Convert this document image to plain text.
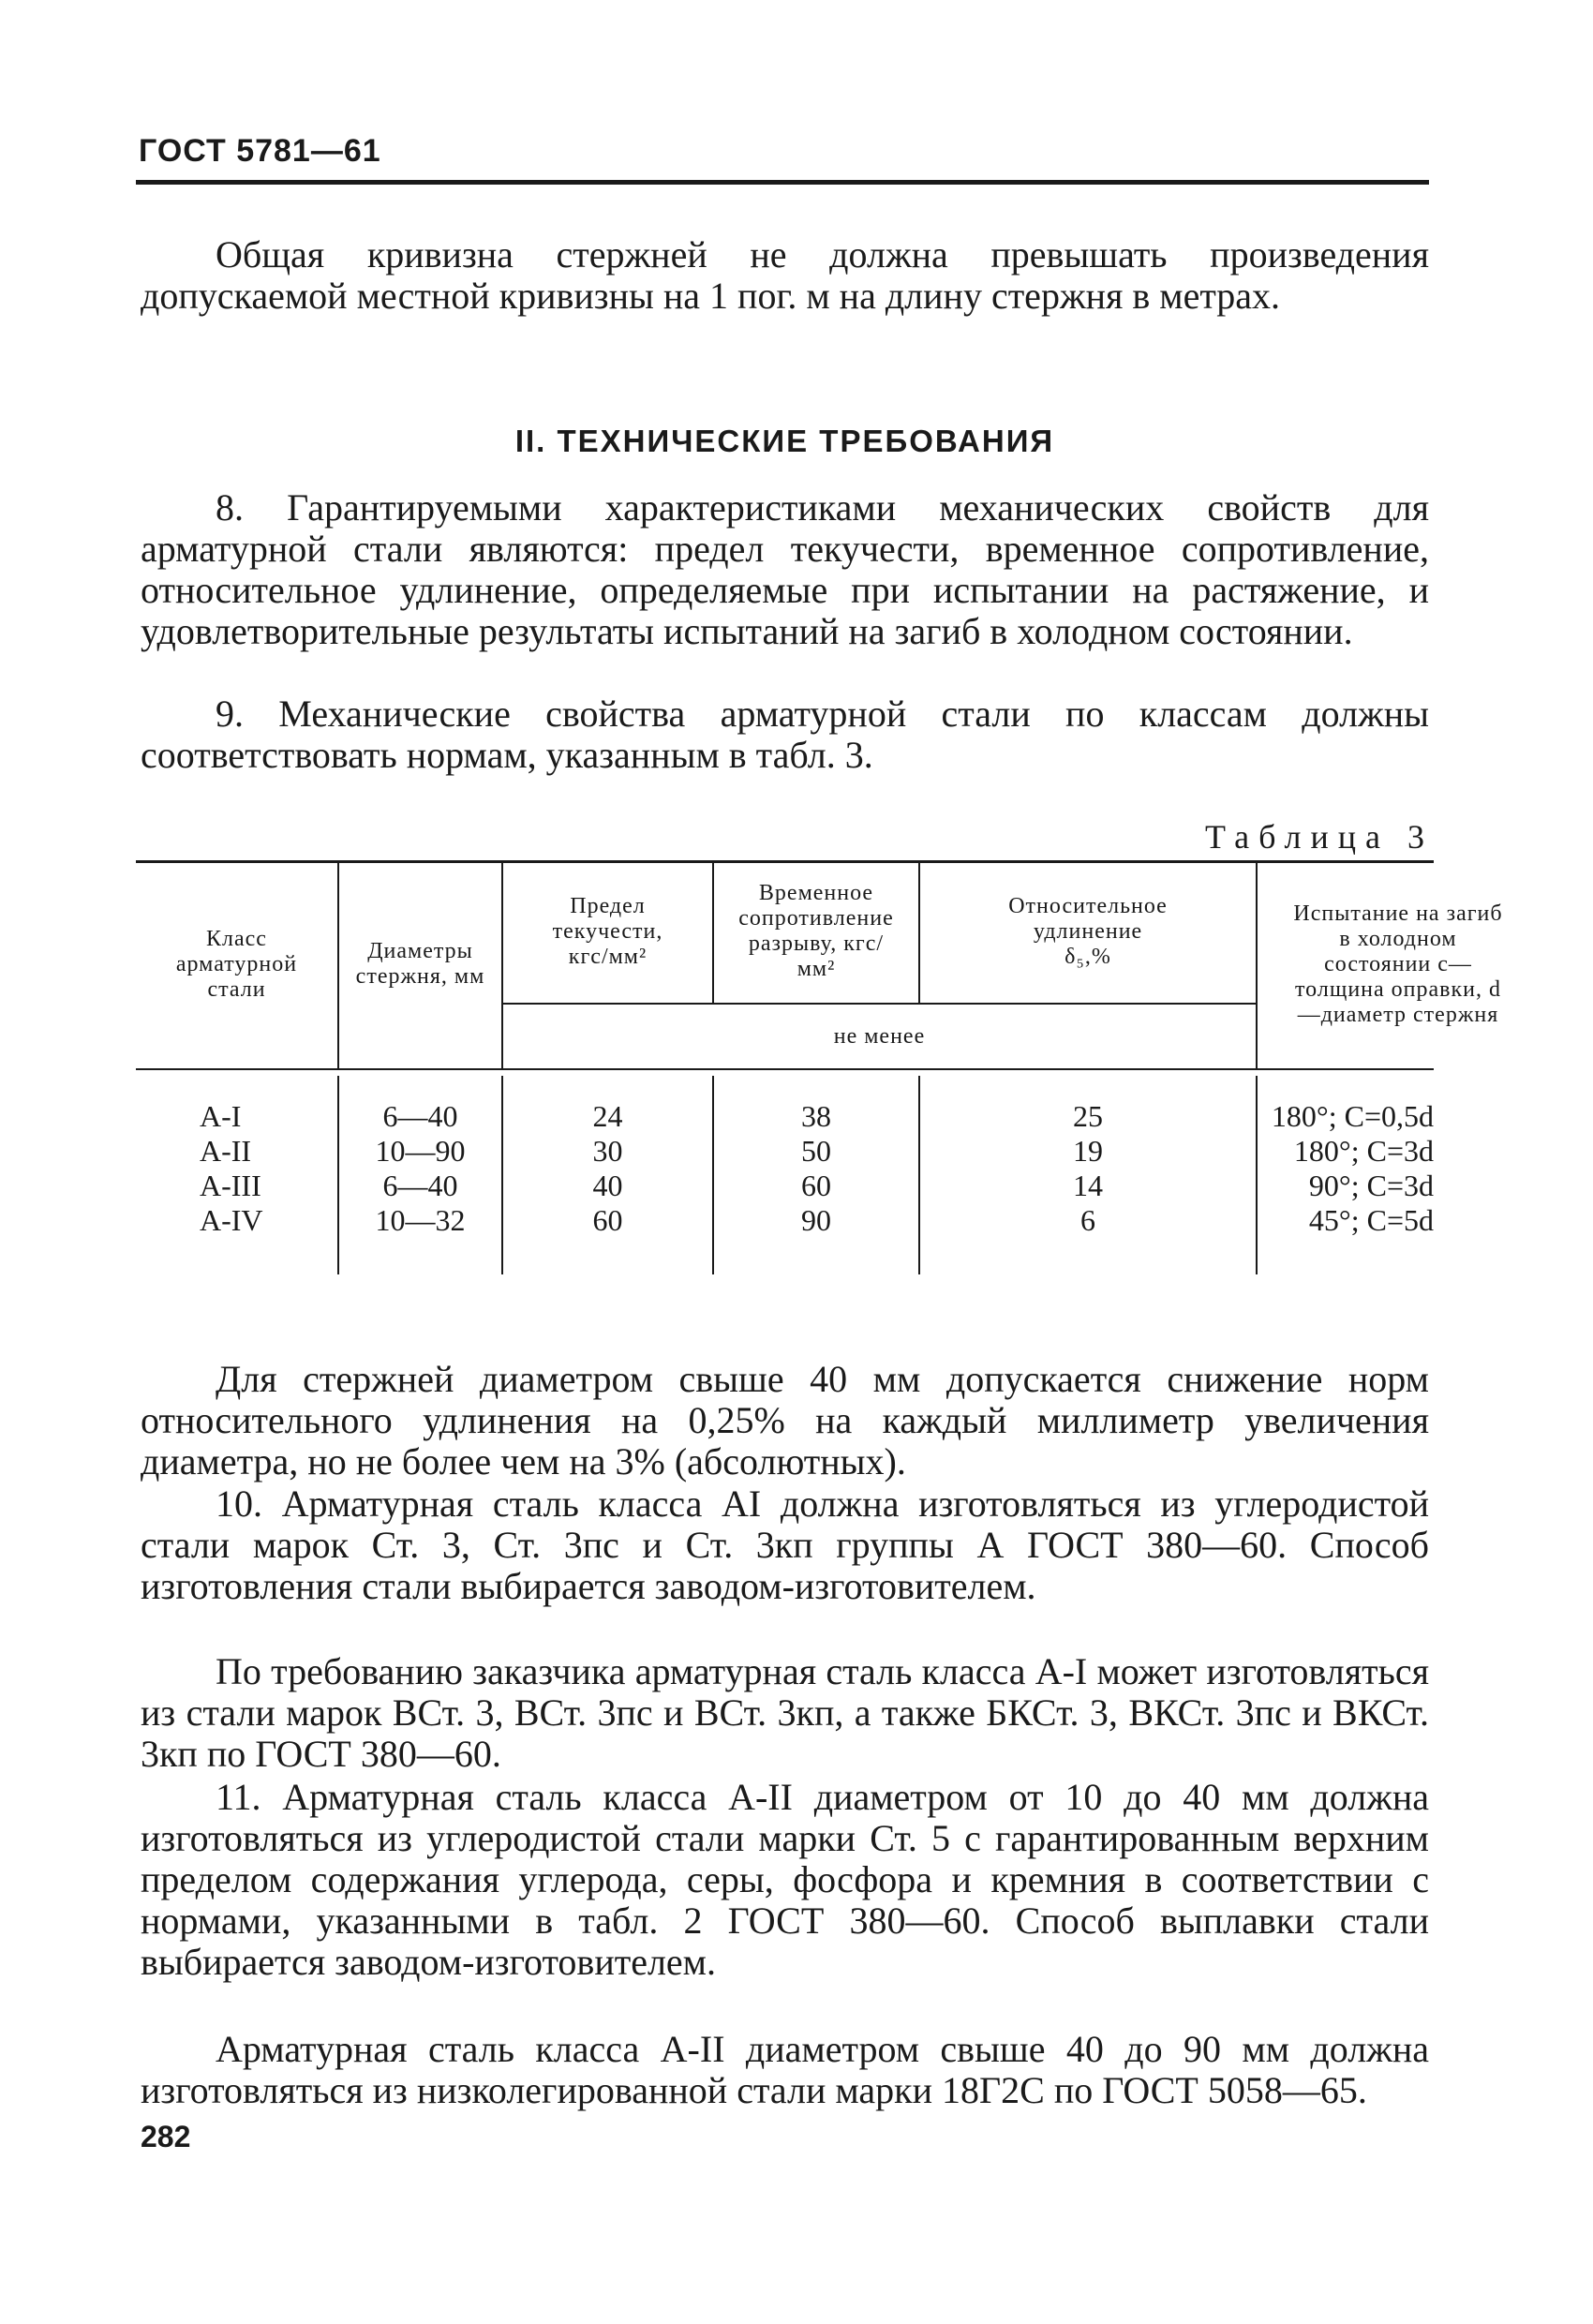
ГОСТ 5781—61
Общая кривизна стержней не должна превышать произведения допускаемой местной кривизны на 1 пог. м на длину стержня в метрах.
II. ТЕХНИЧЕСКИЕ ТРЕБОВАНИЯ
8. Гарантируемыми характеристиками механических свойств для арматурной стали являются: предел текучести, временное сопротивление, относительное удлинение, определяемые при испытании на растяжение, и удовлетворительные результаты испытаний на загиб в холодном состоянии.
9. Механические свойства арматурной стали по классам должны соответствовать нормам, указанным в табл. 3.
Таблица 3
Класс арматурной стали
Диаметры стержня, мм
Предел текучести, кгс/мм²
Временное сопротивление разрыву, кгс/мм²
Относительное удлинение δ₅,%
не менее
Испытание на загиб в холодном состоянии с—толщина оправки, d—диаметр стержня
А-I
А-II
А-III
А-IV
6—40
10—90
6—40
10—32
24
30
40
60
38
50
60
90
25
19
14
6
180°; С=0,5d
180°; С=3d
90°; С=3d
45°; С=5d
Для стержней диаметром свыше 40 мм допускается снижение норм относительного удлинения на 0,25% на каждый миллиметр увеличения диаметра, но не более чем на 3% (абсолютных).
10. Арматурная сталь класса AI должна изготовляться из углеродистой стали марок Ст. 3, Ст. 3пс и Ст. 3кп группы А ГОСТ 380—60. Способ изготовления стали выбирается заводом-изготовителем.
По требованию заказчика арматурная сталь класса А-I может изготовляться из стали марок ВСт. 3, ВСт. 3пс и ВСт. 3кп, а также БКСт. 3, ВКСт. 3пс и ВКСт. 3кп по ГОСТ 380—60.
11. Арматурная сталь класса А-II диаметром от 10 до 40 мм должна изготовляться из углеродистой стали марки Ст. 5 с гарантированным верхним пределом содержания углерода, серы, фосфора и кремния в соответствии с нормами, указанными в табл. 2 ГОСТ 380—60. Способ выплавки стали выбирается заводом-изготовителем.
Арматурная сталь класса А-II диаметром свыше 40 до 90 мм должна изготовляться из низколегированной стали марки 18Г2С по ГОСТ 5058—65.
282
